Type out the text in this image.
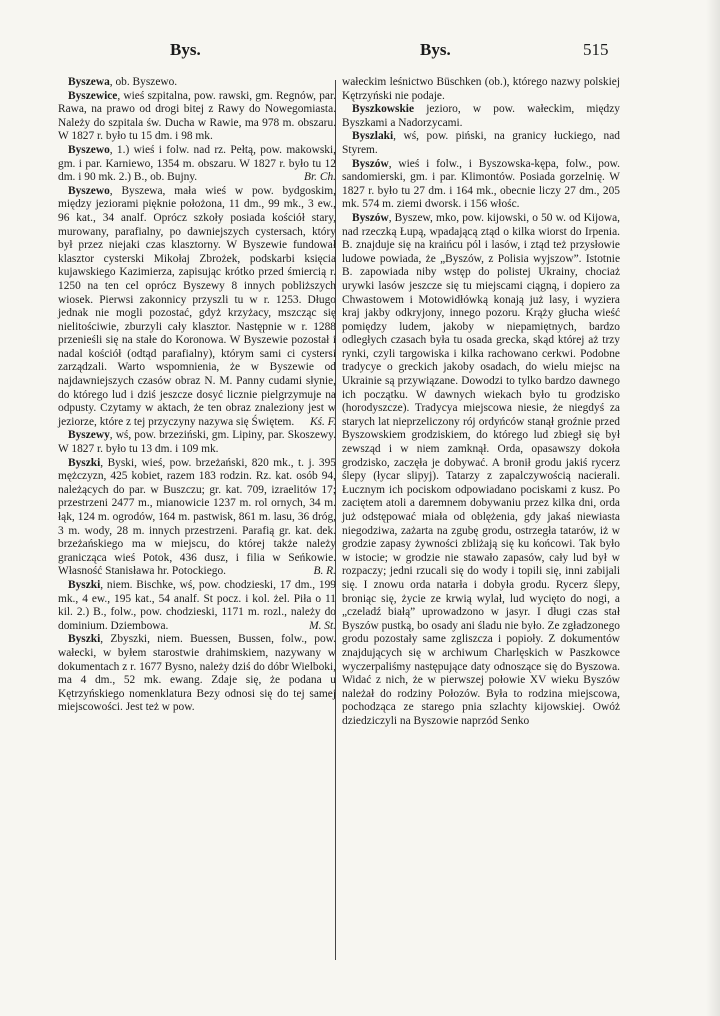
Bys.	Bys.	515

Byszewa, ob. Byszewo.

Byszewice, wieś szpitalna, pow. rawski, gm. Regnów, par. Rawa, na prawo od drogi bitej z Rawy do Nowegomiasta. Należy do szpitala św. Ducha w Rawie, ma 978 m. obszaru. W 1827 r. było tu 15 dm. i 98 mk.

Byszewo, 1.) wieś i folw. nad rz. Pełtą, pow. makowski, gm. i par. Karniewo, 1354 m. obszaru. W 1827 r. było tu 12 dm. i 90 mk. 2.) B., ob. Bujny.	Br. Ch.

Byszewo, Byszewa, mała wieś w pow. bydgoskim, między jeziorami pięknie położona, 11 dm., 99 mk., 3 ew., 96 kat., 34 analf. Oprócz szkoły posiada kościół stary, murowany, parafialny, po dawniejszych cystersach, który był przez niejaki czas klasztorny. W Byszewie fundował klasztor cysterski Mikołaj Zbrożek, podskarbi księcia kujawskiego Kazimierza, zapisując krótko przed śmiercią r. 1250 na ten cel oprócz Byszewy 8 innych pobliższych wiosek. Pierwsi zakonnicy przyszli tu w r. 1253. Długo jednak nie mogli pozostać, gdyż krzyżacy, mszcząc się nielitościwie, zburzyli cały klasztor. Następnie w r. 1288 przenieśli się na stałe do Koronowa. W Byszewie pozostał i nadal kościół (odtąd parafialny), którym sami ci cystersi zarządzali. Warto wspomnienia, że w Byszewie od najdawniejszych czasów obraz N. M. Panny cudami słynie, do którego lud i dziś jeszcze dosyć licznie pielgrzymuje na odpusty. Czytamy w aktach, że ten obraz znaleziony jest w jeziorze, które z tej przyczyny nazywa się Świętem.	Kś. F.

Byszewy, wś, pow. brzeziński, gm. Lipiny, par. Skoszewy. W 1827 r. było tu 13 dm. i 109 mk.

Byszki, Byski, wieś, pow. brzeżański, 820 mk., t. j. 395 mężczyzn, 425 kobiet, razem 183 rodzin. Rz. kat. osób 94, należących do par. w Buszczu; gr. kat. 709, izraelitów 17; przestrzeni 2477 m., mianowicie 1237 m. rol ornych, 34 m. łąk, 124 m. ogrodów, 164 m. pastwisk, 861 m. lasu, 36 dróg, 3 m. wody, 28 m. innych przestrzeni. Parafią gr. kat. dek. brzeżańskiego ma w miejscu, do której także należy granicząca wieś Potok, 436 dusz, i filia w Seńkowie. Własność Stanisława hr. Potockiego.	B. R.

Byszki, niem. Bischke, wś, pow. chodzieski, 17 dm., 199 mk., 4 ew., 195 kat., 54 analf. St pocz. i kol. żel. Piła o 11 kil. 2.) B., folw., pow. chodzieski, 1171 m. rozl., należy do dominium. Dziembowa.	M. St.

Byszki, Zbyszki, niem. Buessen, Bussen, folw., pow. wałecki, w byłem starostwie drahimskiem, nazywany w dokumentach z r. 1677 Bysno, należy dziś do dóbr Wielboki, ma 4 dm., 52 mk. ewang. Zdaje się, że podana u Kętrzyńskiego nomenklatura Bezy odnosi się do tej samej miejscowości. Jest też w pow.

wałeckim leśnictwo Büschken (ob.), którego nazwy polskiej Kętrzyński nie podaje.

Byszkowskie jezioro, w pow. wałeckim, między Byszkami a Nadorzycami.

Byszlaki, wś, pow. piński, na granicy łuckiego, nad Styrem.

Byszów, wieś i folw., i Byszowska-kępa, folw., pow. sandomierski, gm. i par. Klimontów. Posiada gorzelnię. W 1827 r. było tu 27 dm. i 164 mk., obecnie liczy 27 dm., 205 mk. 574 m. ziemi dworsk. i 156 włośc.

Byszów, Byszew, mko, pow. kijowski, o 50 w. od Kijowa, nad rzeczką Łupą, wpadającą ztąd o kilka wiorst do Irpenia. B. znajduje się na kraińcu pól i lasów, i ztąd też przysłowie ludowe powiada, że „Byszów, z Polisia wyjszow”. Istotnie B. zapowiada niby wstęp do polistej Ukrainy, chociaż urywki lasów jeszcze się tu miejscami ciągną, i dopiero za Chwastowem i Motowidłówką konają już lasy, i wyziera kraj jakby odkryjony, innego pozoru. Krąży głucha wieść pomiędzy ludem, jakoby w niepamiętnych, bardzo odległych czasach była tu osada grecka, skąd której aż trzy rynki, czyli targowiska i kilka rachowano cerkwi. Podobne tradycye o greckich jakoby osadach, do wielu miejsc na Ukrainie są przywiązane. Dowodzi to tylko bardzo dawnego ich początku. W dawnych wiekach było tu grodzisko (horodyszcze). Tradycya miejscowa niesie, że niegdyś za starych lat nieprzeliczony rój ordyńców stanął groźnie przed Byszowskiem grodziskiem, do którego lud zbiegł się był zewsząd i w niem zamknął. Orda, opasawszy dokoła grodzisko, zaczęła je dobywać. A bronił grodu jakiś rycerz ślepy (łycar slipyj). Tatarzy z zapalczywością nacierali. Łucznym ich pociskom odpowiadano pociskami z kusz. Po zaciętem atoli a daremnem dobywaniu przez kilka dni, orda już odstępować miała od oblężenia, gdy jakaś niewiasta niegodziwa, zażarta na zgubę grodu, ostrzegła tatarów, iż w grodzie zapasy żywności zbliżają się ku końcowi. Tak było w istocie; w grodzie nie stawało zapasów, cały lud był w rozpaczy; jedni rzucali się do wody i topili się, inni zabijali się. I znowu orda natarła i dobyła grodu. Rycerz ślepy, broniąc się, życie ze krwią wylał, lud wycięto do nogi, a „czeladź białą” uprowadzono w jasyr. I długi czas stał Byszów pustką, bo osady ani śladu nie było. Ze zgładzonego grodu pozostały same zgliszcza i popioły. Z dokumentów znajdujących się w archiwum Charlęskich w Paszkowce wyczerpaliśmy następujące daty odnoszące się do Byszowa. Widać z nich, że w pierwszej połowie XV wieku Byszów należał do rodziny Połozów. Była to rodzina miejscowa, pochodząca ze starego pnia szlachty kijowskiej. Owóż dziedziczyli na Byszowie naprzód Senko
